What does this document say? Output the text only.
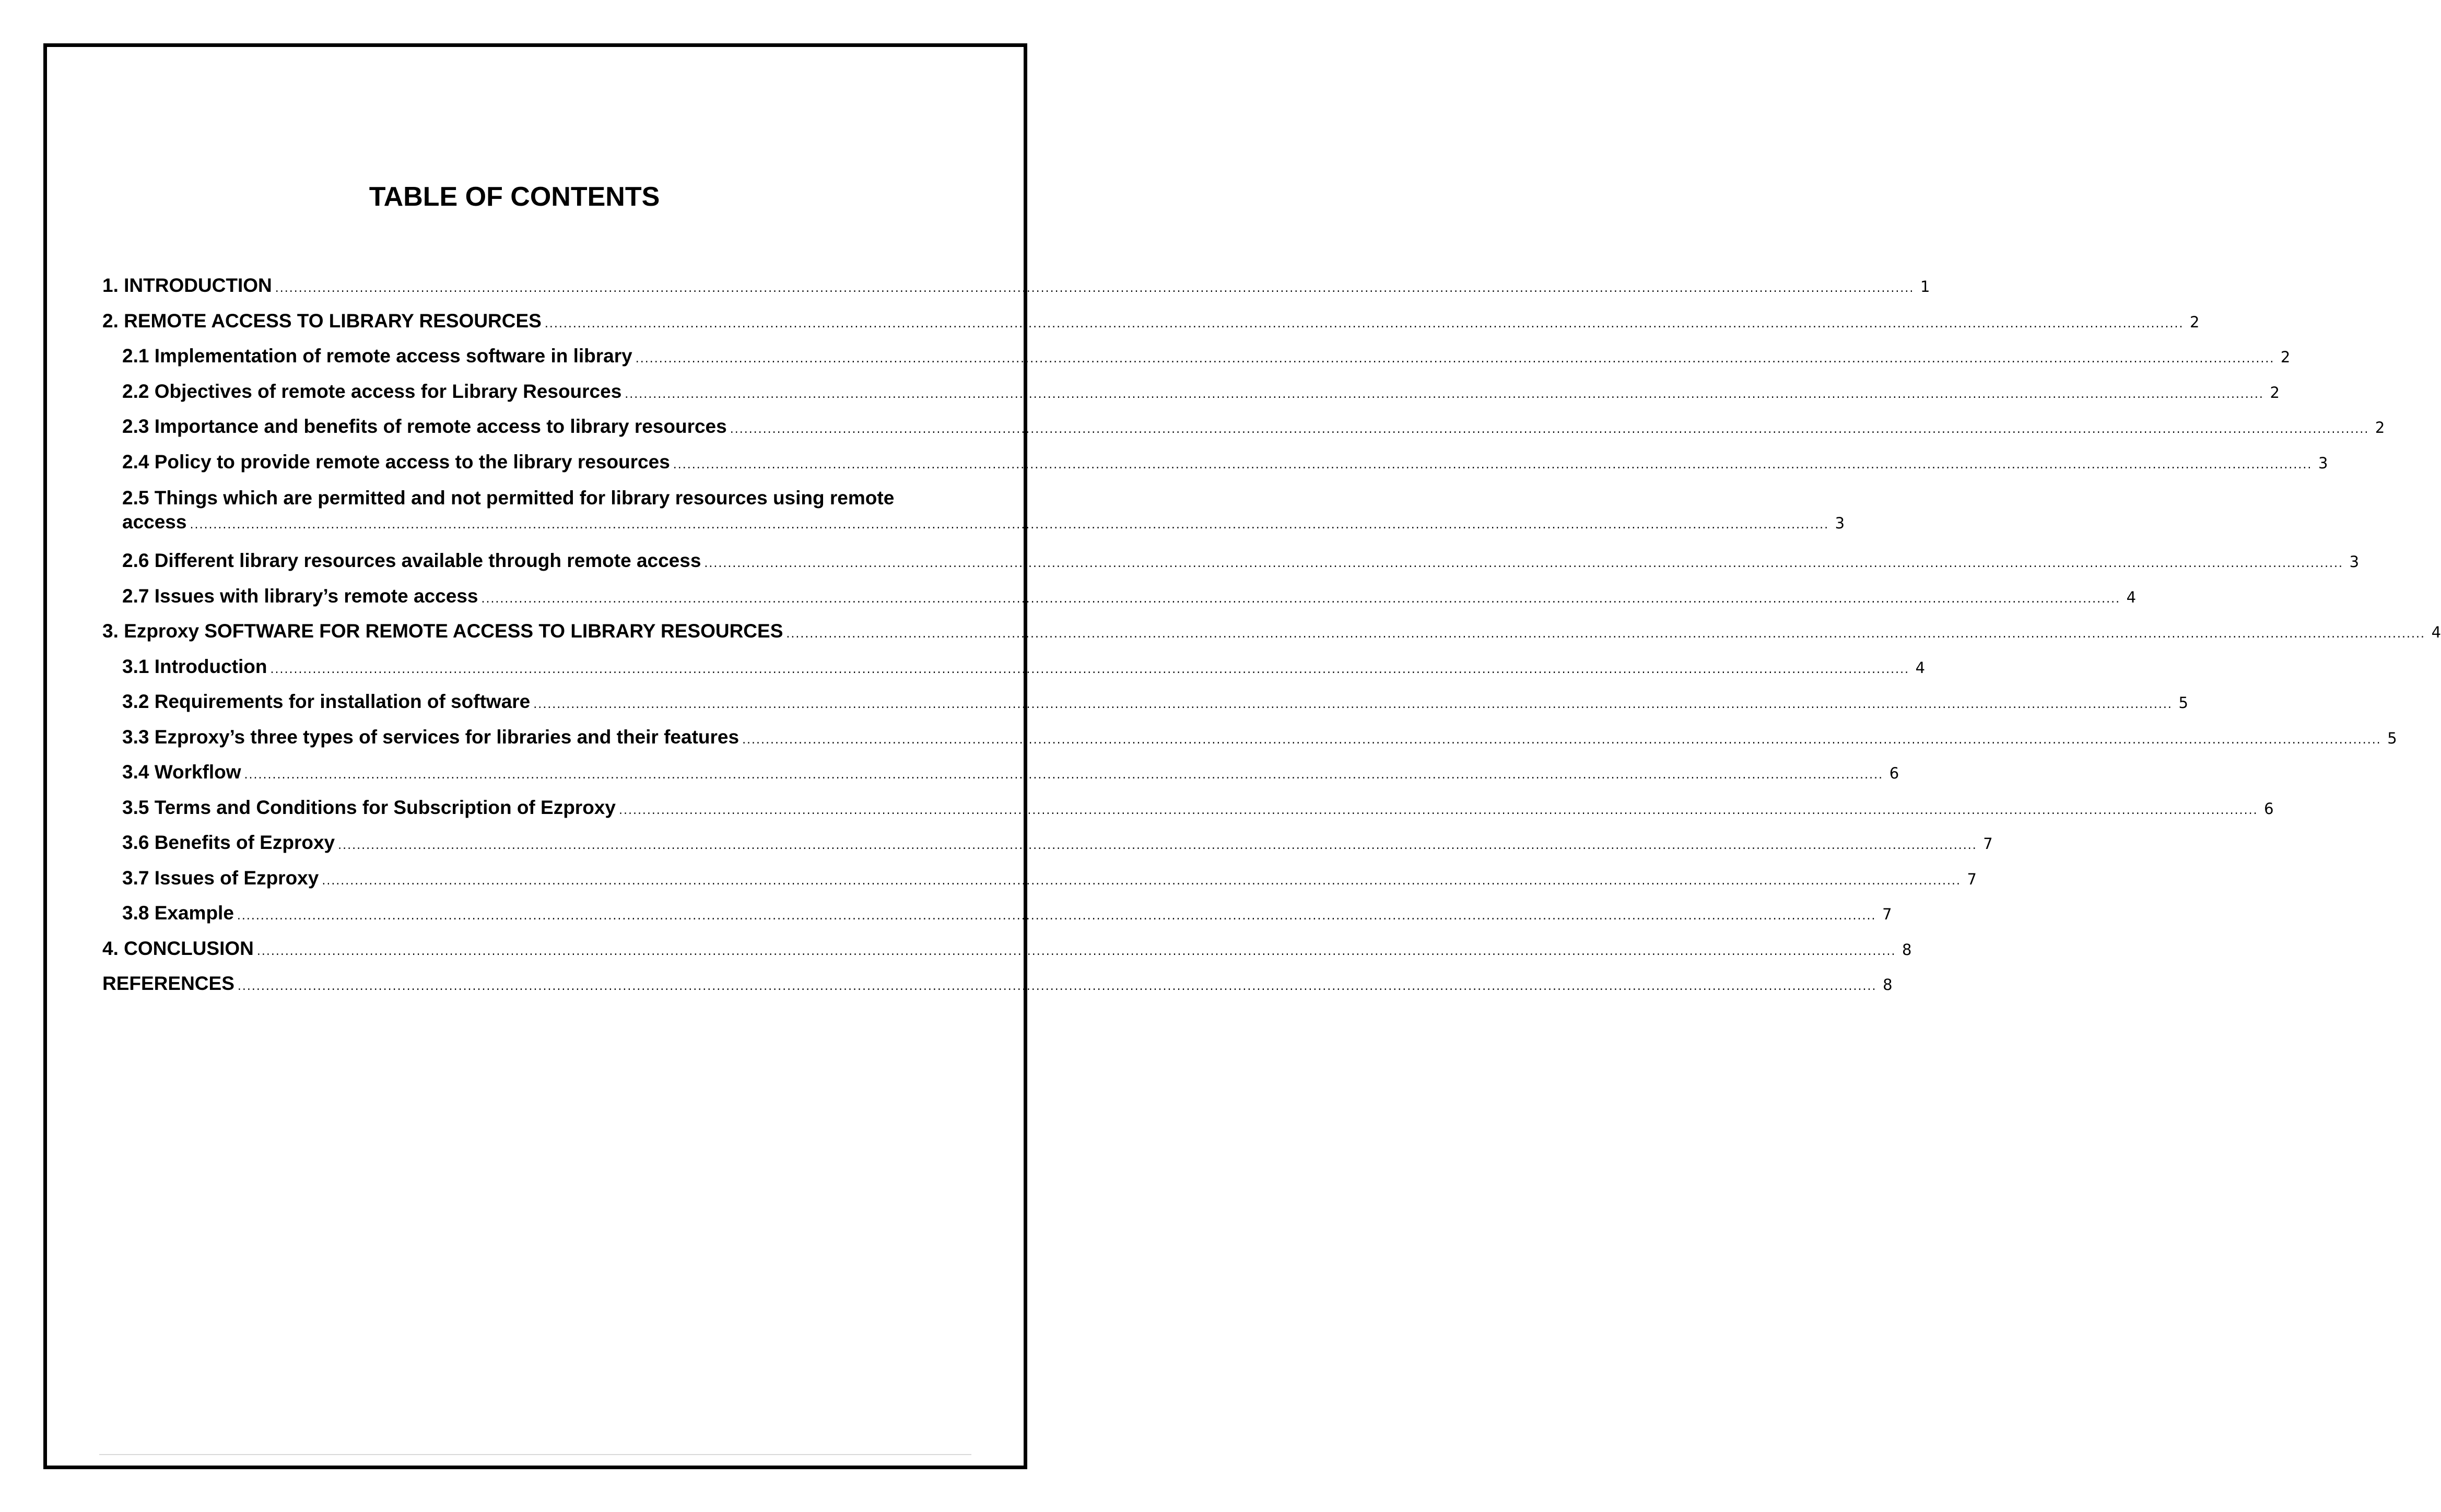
TABLE OF CONTENTS
1. INTRODUCTION .....	1
2. REMOTE ACCESS TO LIBRARY RESOURCES .....	2
2.1 Implementation of remote access software in library .....	2
2.2 Objectives of remote access for Library Resources .....	2
2.3 Importance and benefits of remote access to library resources .....	2
2.4 Policy to provide remote access to the library resources .....	3
2.5 Things which are permitted and not permitted for library resources using remote
access .....	3
2.6 Different library resources available through remote access .....	3
2.7 Issues with library’s remote access .....	4
3. Ezproxy SOFTWARE FOR REMOTE ACCESS TO LIBRARY RESOURCES .....	4
3.1 Introduction .....	4
3.2 Requirements for installation of software .....	5
3.3 Ezproxy’s three types of services for libraries and their features .....	5
3.4 Workflow .....	6
3.5 Terms and Conditions for Subscription of Ezproxy .....	6
3.6 Benefits of Ezproxy .....	7
3.7 Issues of Ezproxy .....	7
3.8 Example .....	7
4. CONCLUSION .....	8
REFERENCES .....	8
